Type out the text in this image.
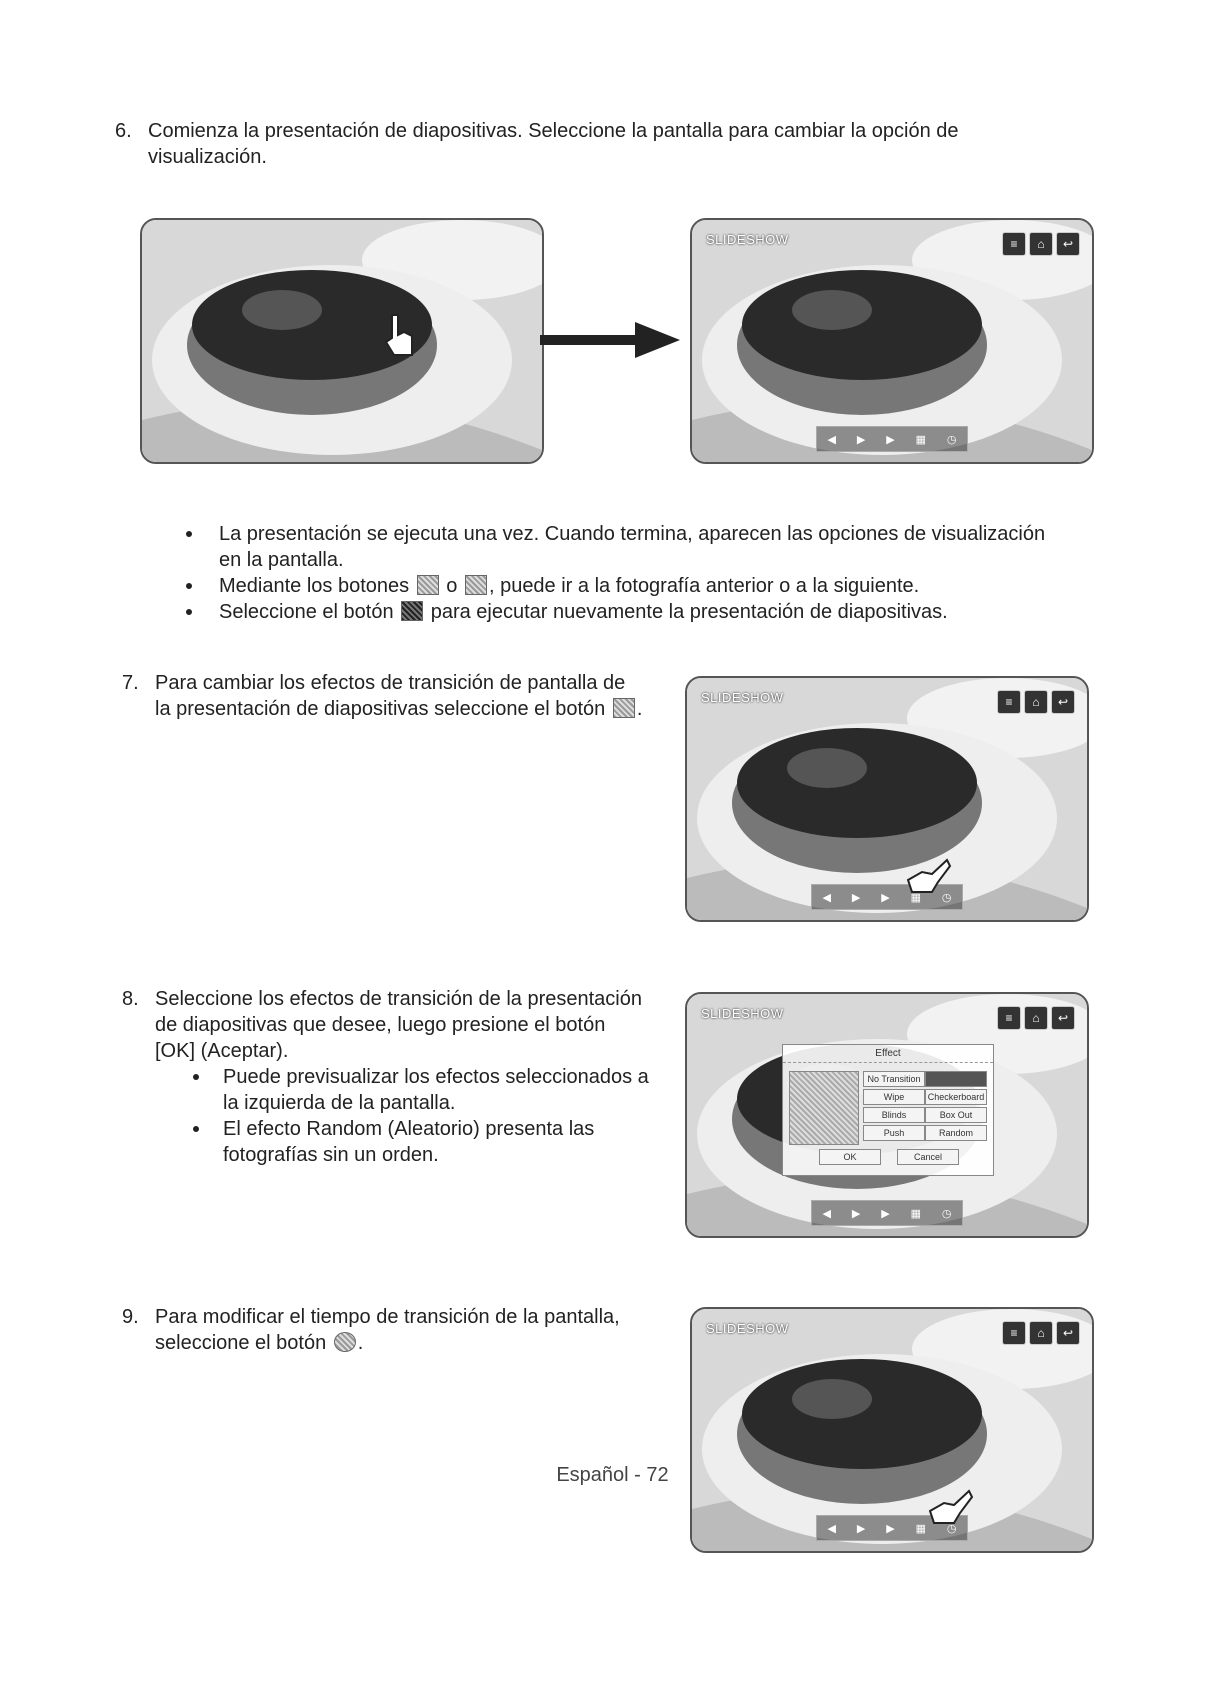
6. Comienza la presentación de diapositivas. Seleccione la pantalla para cambiar la opción de
visualización.
SLIDESHOW	≡	⌂	↩
◀ ▶ ▶ ▦ ◷
La presentación se ejecuta una vez. Cuando termina, aparecen las opciones de visualización
en la pantalla.
Mediante los botones o , puede ir a la fotografía anterior o a la siguiente.
Seleccione el botón para ejecutar nuevamente la presentación de diapositivas.
7. Para cambiar los efectos de transición de pantalla de
la presentación de diapositivas seleccione el botón .
SLIDESHOW	≡	⌂	↩
◀ ▶ ▶ ▦ ◷
8. Seleccione los efectos de transición de la presentación
de diapositivas que desee, luego presione el botón
[OK] (Aceptar).
Puede previsualizar los efectos seleccionados a
la izquierda de la pantalla.
El efecto Random (Aleatorio) presenta las
fotografías sin un orden.
SLIDESHOW	≡	⌂	↩
◀ ▶ ▶ ▦ ◷
Effect
No Transition
Wipe	Checkerboard
Blinds	Box Out
Push	Random
OK	Cancel
9. Para modificar el tiempo de transición de la pantalla,
seleccione el botón .
SLIDESHOW	≡	⌂	↩
◀ ▶ ▶ ▦ ◷
Español - 72
